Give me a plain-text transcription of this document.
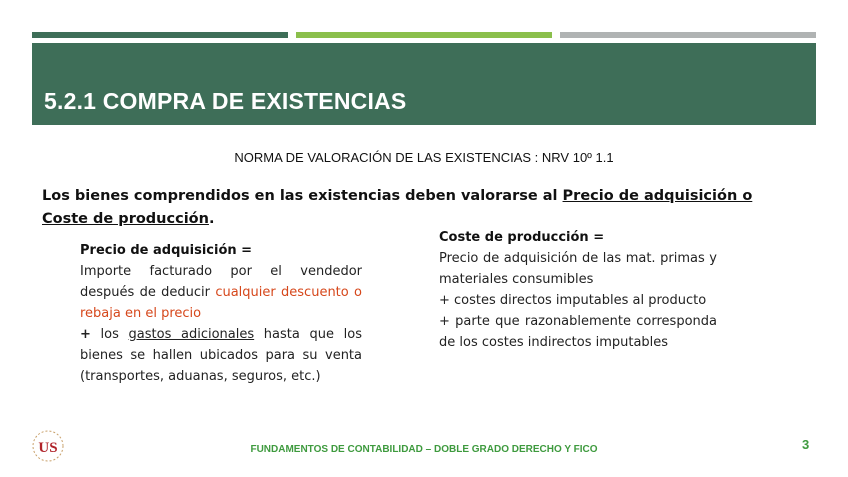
5.2.1 COMPRA DE EXISTENCIAS
NORMA DE VALORACIÓN DE LAS EXISTENCIAS : NRV 10º 1.1
Los bienes comprendidos en las existencias deben valorarse al Precio de adquisición o
Coste de producción.
Precio de adquisición =
Importe facturado por el vendedor después de deducir cualquier descuento o rebaja en el precio
+ los gastos adicionales hasta que los bienes se hallen ubicados para su venta (transportes, aduanas, seguros, etc.)
Coste de producción =
Precio de adquisición de las mat. primas y materiales consumibles
+ costes directos imputables al producto
+ parte que razonablemente corresponda de los costes indirectos imputables
US	FUNDAMENTOS DE CONTABILIDAD – DOBLE GRADO DERECHO Y FICO	3
